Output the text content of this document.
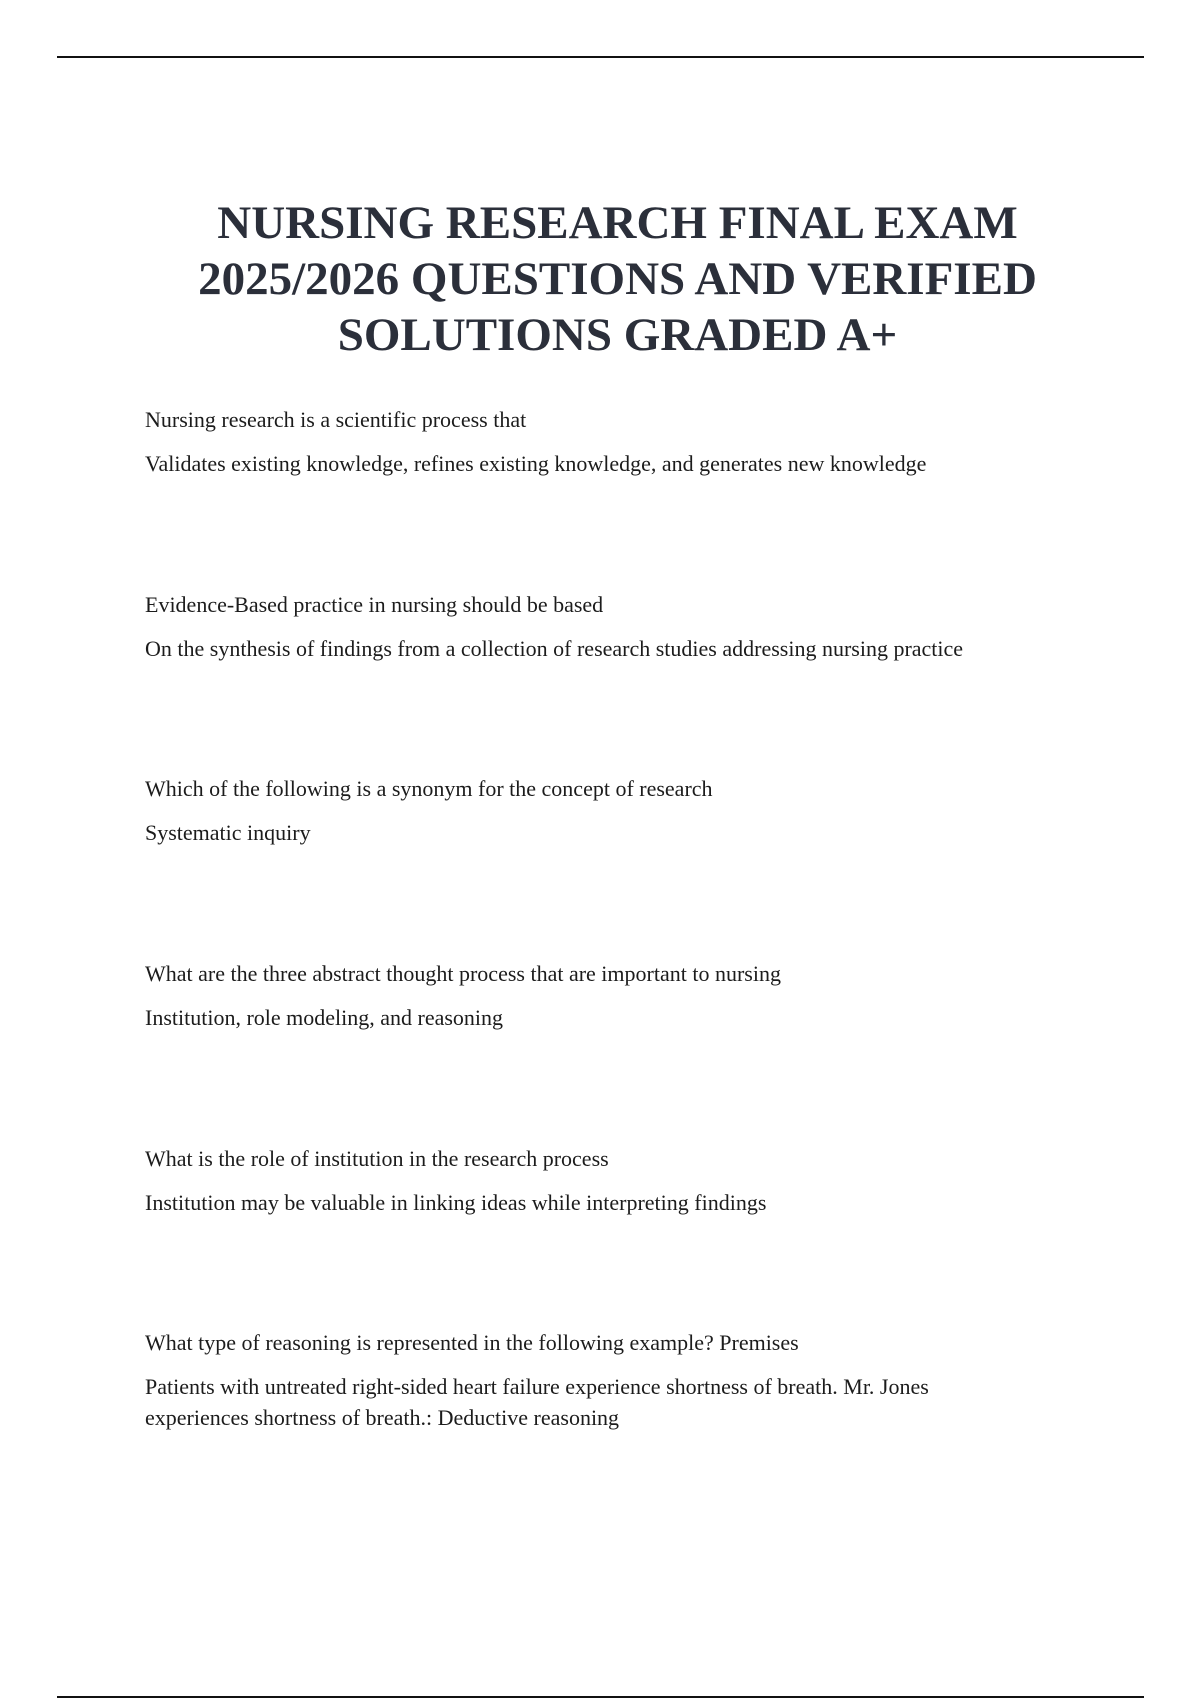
NURSING RESEARCH FINAL EXAM
2025/2026 QUESTIONS AND VERIFIED
SOLUTIONS GRADED A+

Nursing research is a scientific process that

Validates existing knowledge, refines existing knowledge, and generates new knowledge

Evidence-Based practice in nursing should be based

On the synthesis of findings from a collection of research studies addressing nursing practice

Which of the following is a synonym for the concept of research

Systematic inquiry

What are the three abstract thought process that are important to nursing

Institution, role modeling, and reasoning

What is the role of institution in the research process

Institution may be valuable in linking ideas while interpreting findings

What type of reasoning is represented in the following example? Premises

Patients with untreated right-sided heart failure experience shortness of breath. Mr. Jones
experiences shortness of breath.: Deductive reasoning
